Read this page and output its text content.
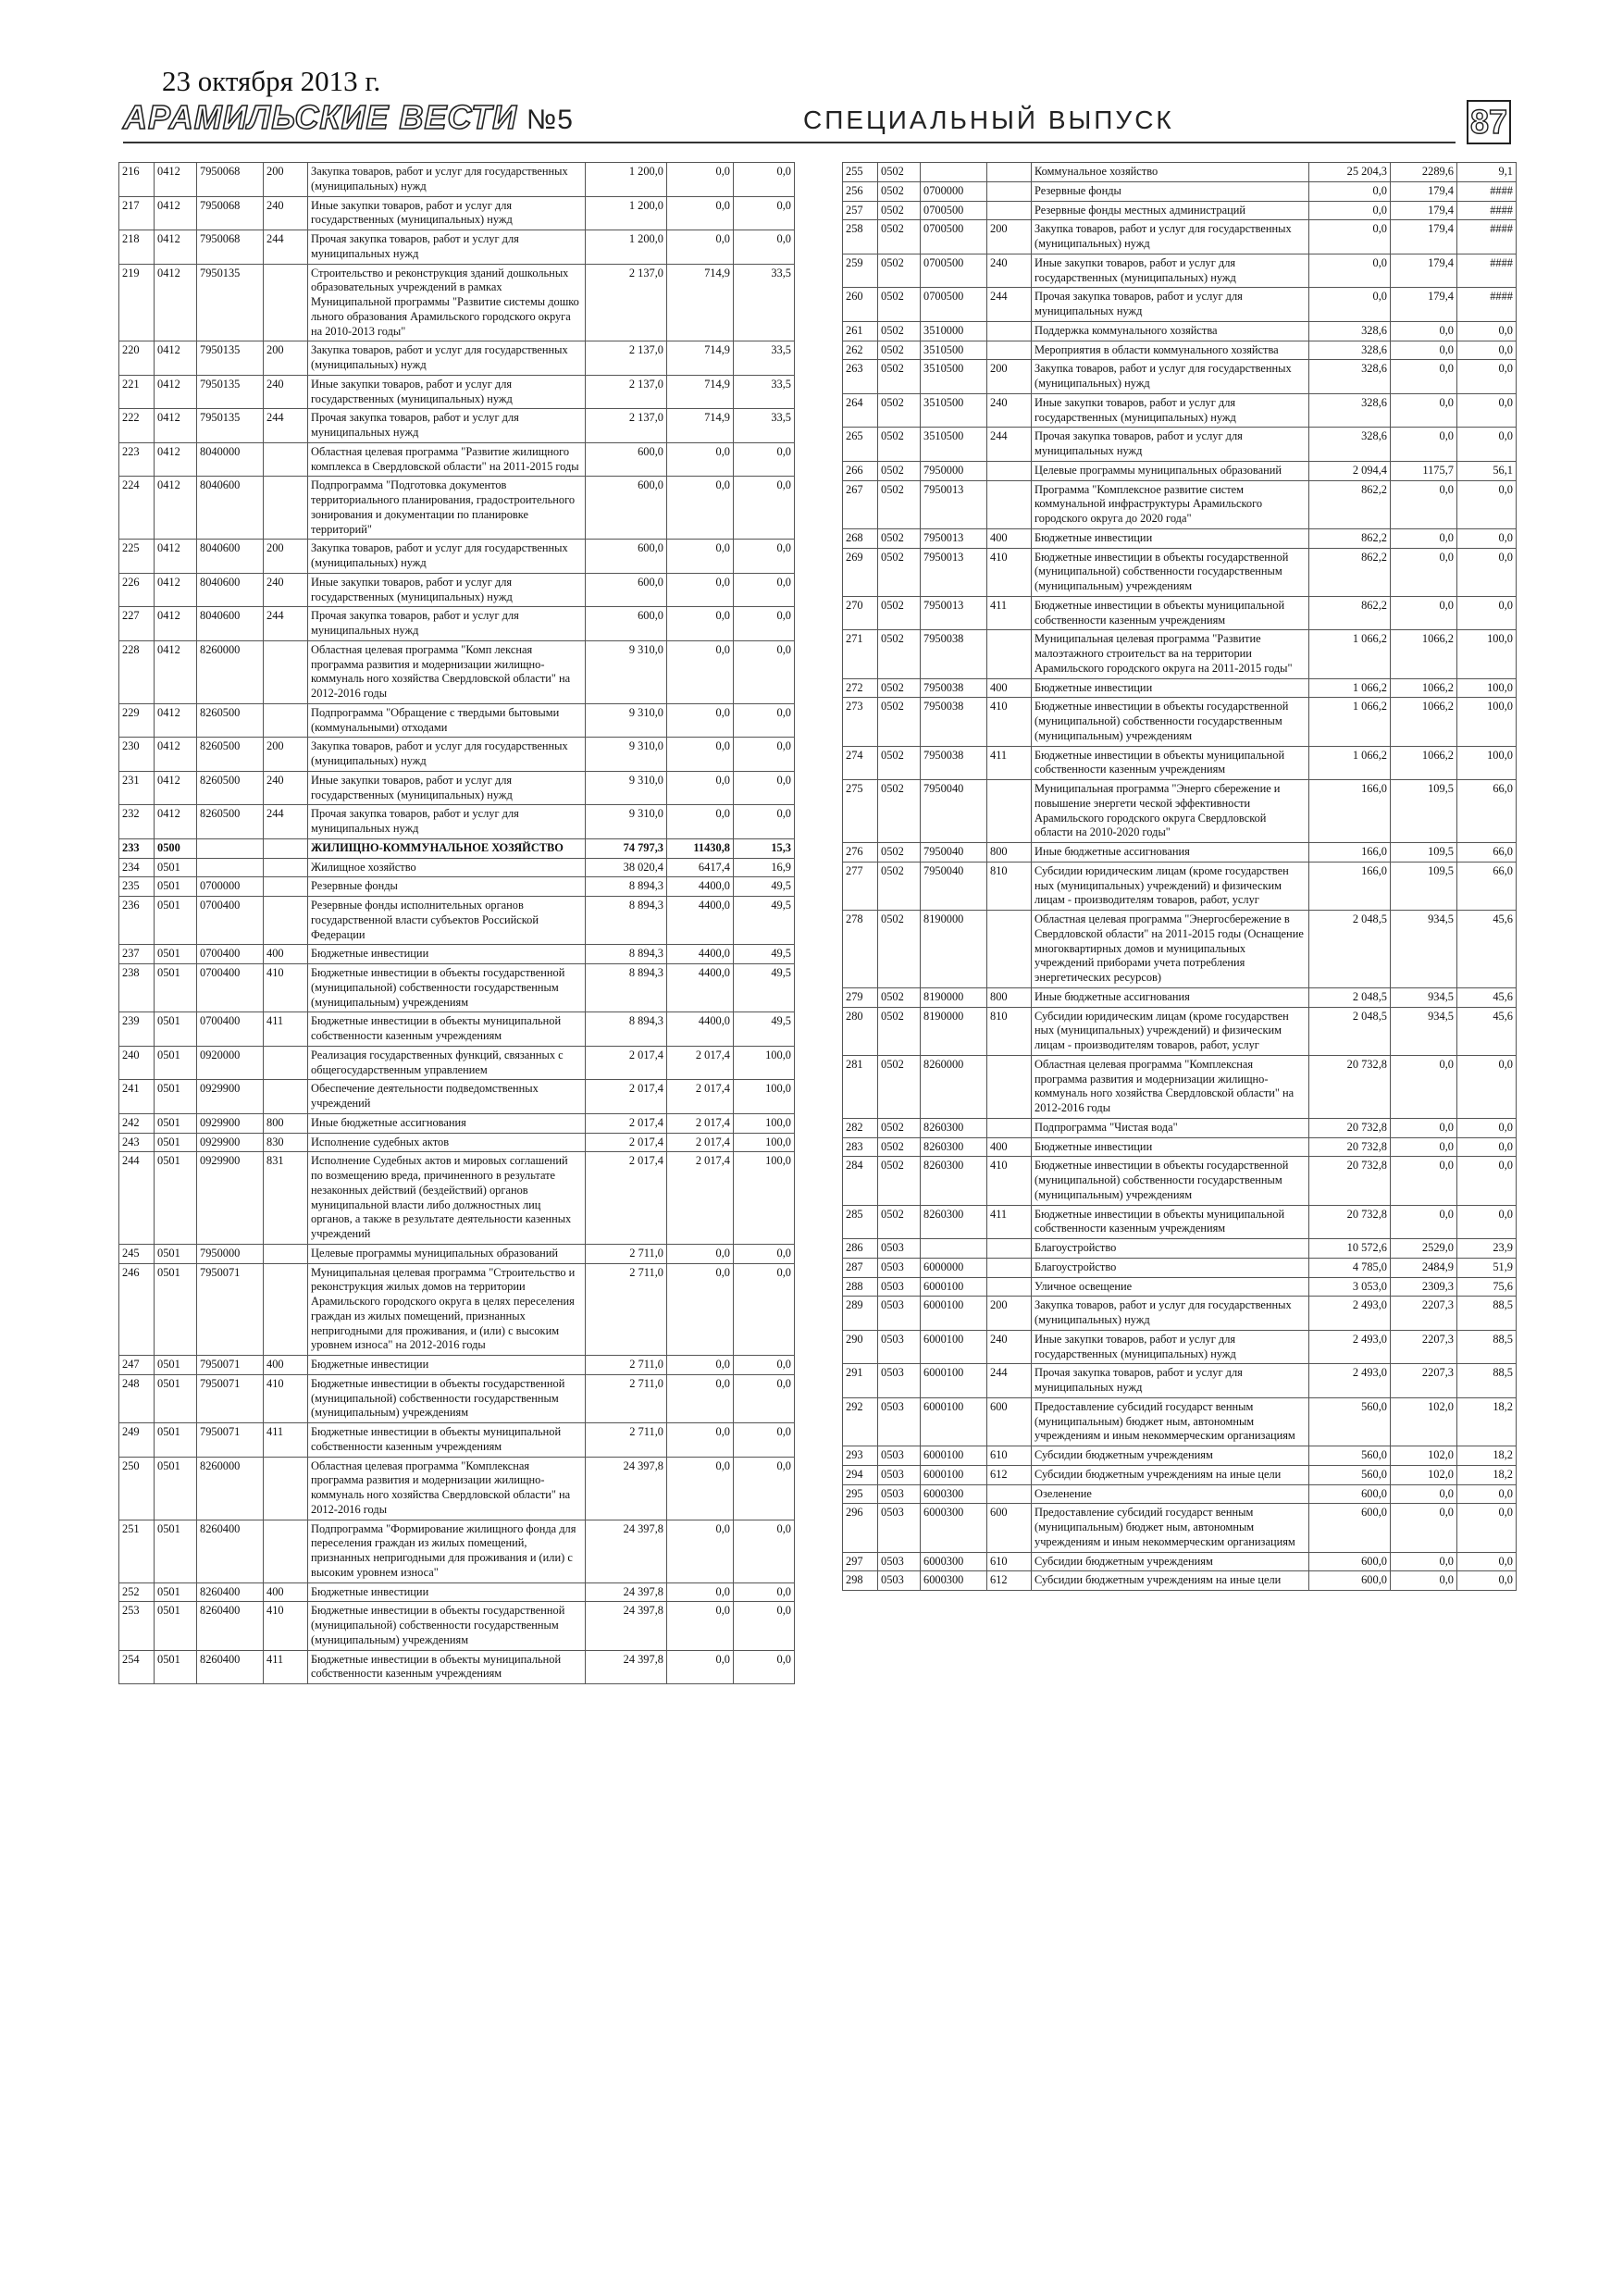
23 октября 2013 г.
АРАМИЛЬСКИЕ ВЕСТИ №5	СПЕЦИАЛЬНЫЙ ВЫПУСК	87
216	0412	7950068	200	Закупка товаров, работ и услуг для государственных (муниципальных) нужд	1 200,0	0,0	0,0
217	0412	7950068	240	Иные закупки товаров, работ и услуг для государственных (муниципальных) нужд	1 200,0	0,0	0,0
218	0412	7950068	244	Прочая закупка товаров, работ и услуг для муниципальных нужд	1 200,0	0,0	0,0
219	0412	7950135		Строительство и реконструкция зданий дошкольных образовательных учреждений в рамках Муниципальной программы "Развитие системы дошко льного образования Арамильского городского округа на 2010-2013 годы"	2 137,0	714,9	33,5
220	0412	7950135	200	Закупка товаров, работ и услуг для государственных (муниципальных) нужд	2 137,0	714,9	33,5
221	0412	7950135	240	Иные закупки товаров, работ и услуг для государственных (муниципальных) нужд	2 137,0	714,9	33,5
222	0412	7950135	244	Прочая закупка товаров, работ и услуг для муниципальных нужд	2 137,0	714,9	33,5
223	0412	8040000		Областная целевая программа "Развитие жилищного комплекса в Свердловской области" на 2011-2015 годы	600,0	0,0	0,0
224	0412	8040600		Подпрограмма "Подготовка документов территориального планирования, градостроительного зонирования и документации по планировке территорий"	600,0	0,0	0,0
225	0412	8040600	200	Закупка товаров, работ и услуг для государственных (муниципальных) нужд	600,0	0,0	0,0
226	0412	8040600	240	Иные закупки товаров, работ и услуг для государственных (муниципальных) нужд	600,0	0,0	0,0
227	0412	8040600	244	Прочая закупка товаров, работ и услуг для муниципальных нужд	600,0	0,0	0,0
228	0412	8260000		Областная целевая программа "Комп лексная программа развития и модернизации жилищно-коммуналь ного хозяйства Свердловской области" на 2012-2016 годы	9 310,0	0,0	0,0
229	0412	8260500		Подпрограмма "Обращение с твердыми бытовыми (коммунальными) отходами	9 310,0	0,0	0,0
230	0412	8260500	200	Закупка товаров, работ и услуг для государственных (муниципальных) нужд	9 310,0	0,0	0,0
231	0412	8260500	240	Иные закупки товаров, работ и услуг для государственных (муниципальных) нужд	9 310,0	0,0	0,0
232	0412	8260500	244	Прочая закупка товаров, работ и услуг для муниципальных нужд	9 310,0	0,0	0,0
233	0500			ЖИЛИЩНО-КОММУНАЛЬНОЕ ХОЗЯЙСТВО	74 797,3	11430,8	15,3
234	0501			Жилищное хозяйство	38 020,4	6417,4	16,9
235	0501	0700000		Резервные фонды	8 894,3	4400,0	49,5
236	0501	0700400		Резервные фонды исполнительных органов государственной власти субъектов Российской Федерации	8 894,3	4400,0	49,5
237	0501	0700400	400	Бюджетные инвестиции	8 894,3	4400,0	49,5
238	0501	0700400	410	Бюджетные инвестиции в объекты государственной (муниципальной) собственности государственным (муниципальным) учреждениям	8 894,3	4400,0	49,5
239	0501	0700400	411	Бюджетные инвестиции в объекты муниципальной собственности казенным учреждениям	8 894,3	4400,0	49,5
240	0501	0920000		Реализация государственных функций, связанных с общегосударственным управлением	2 017,4	2 017,4	100,0
241	0501	0929900		Обеспечение деятельности подведомственных учреждений	2 017,4	2 017,4	100,0
242	0501	0929900	800	Иные бюджетные ассигнования	2 017,4	2 017,4	100,0
243	0501	0929900	830	Исполнение судебных актов	2 017,4	2 017,4	100,0
244	0501	0929900	831	Исполнение Судебных актов и мировых соглашений по возмещению вреда, причиненного в результате незаконных действий (бездействий) органов муниципальной власти либо должностных лиц органов, а также в результате деятельности казенных учреждений	2 017,4	2 017,4	100,0
245	0501	7950000		Целевые программы муниципальных образований	2 711,0	0,0	0,0
246	0501	7950071		Муниципальная целевая программа "Строительство и реконструкция жилых домов на территории Арамильского городского округа в целях переселения граждан из жилых помещений, признанных непригодными для проживания, и (или) с высоким уровнем износа" на 2012-2016 годы	2 711,0	0,0	0,0
247	0501	7950071	400	Бюджетные инвестиции	2 711,0	0,0	0,0
248	0501	7950071	410	Бюджетные инвестиции в объекты государственной (муниципальной) собственности государственным (муниципальным) учреждениям	2 711,0	0,0	0,0
249	0501	7950071	411	Бюджетные инвестиции в объекты муниципальной собственности казенным учреждениям	2 711,0	0,0	0,0
250	0501	8260000		Областная целевая программа "Комплексная программа развития и модернизации жилищно-коммуналь ного хозяйства Свердловской области" на 2012-2016 годы	24 397,8	0,0	0,0
251	0501	8260400		Подпрограмма "Формирование жилищного фонда для переселения граждан из жилых помещений, признанных непригодными для проживания и (или) с высоким уровнем износа"	24 397,8	0,0	0,0
252	0501	8260400	400	Бюджетные инвестиции	24 397,8	0,0	0,0
253	0501	8260400	410	Бюджетные инвестиции в объекты государственной (муниципальной) собственности государственным (муниципальным) учреждениям	24 397,8	0,0	0,0
254	0501	8260400	411	Бюджетные инвестиции в объекты муниципальной собственности казенным учреждениям	24 397,8	0,0	0,0
255	0502			Коммунальное хозяйство	25 204,3	2289,6	9,1
256	0502	0700000		Резервные фонды	0,0	179,4	####
257	0502	0700500		Резервные фонды местных администраций	0,0	179,4	####
258	0502	0700500	200	Закупка товаров, работ и услуг для государственных (муниципальных) нужд	0,0	179,4	####
259	0502	0700500	240	Иные закупки товаров, работ и услуг для государственных (муниципальных) нужд	0,0	179,4	####
260	0502	0700500	244	Прочая закупка товаров, работ и услуг для муниципальных нужд	0,0	179,4	####
261	0502	3510000		Поддержка коммунального хозяйства	328,6	0,0	0,0
262	0502	3510500		Мероприятия в области коммунального хозяйства	328,6	0,0	0,0
263	0502	3510500	200	Закупка товаров, работ и услуг для государственных (муниципальных) нужд	328,6	0,0	0,0
264	0502	3510500	240	Иные закупки товаров, работ и услуг для государственных (муниципальных) нужд	328,6	0,0	0,0
265	0502	3510500	244	Прочая закупка товаров, работ и услуг для муниципальных нужд	328,6	0,0	0,0
266	0502	7950000		Целевые программы муниципальных образований	2 094,4	1175,7	56,1
267	0502	7950013		Программа "Комплексное развитие систем коммунальной инфраструктуры Арамильского городского округа до 2020 года"	862,2	0,0	0,0
268	0502	7950013	400	Бюджетные инвестиции	862,2	0,0	0,0
269	0502	7950013	410	Бюджетные инвестиции в объекты государственной (муниципальной) собственности государственным (муниципальным) учреждениям	862,2	0,0	0,0
270	0502	7950013	411	Бюджетные инвестиции в объекты муниципальной собственности казенным учреждениям	862,2	0,0	0,0
271	0502	7950038		Муниципальная целевая программа "Развитие малоэтажного строительст ва на территории Арамильского городского округа на 2011-2015 годы"	1 066,2	1066,2	100,0
272	0502	7950038	400	Бюджетные инвестиции	1 066,2	1066,2	100,0
273	0502	7950038	410	Бюджетные инвестиции в объекты государственной (муниципальной) собственности государственным (муниципальным) учреждениям	1 066,2	1066,2	100,0
274	0502	7950038	411	Бюджетные инвестиции в объекты муниципальной собственности казенным учреждениям	1 066,2	1066,2	100,0
275	0502	7950040		Муниципальная программа "Энерго сбережение и повышение энергети ческой эффективности Арамильского городского округа Свердловской области на 2010-2020 годы"	166,0	109,5	66,0
276	0502	7950040	800	Иные бюджетные ассигнования	166,0	109,5	66,0
277	0502	7950040	810	Субсидии юридическим лицам (кроме государствен ных (муниципальных) учреждений) и физическим лицам - производителям товаров, работ, услуг	166,0	109,5	66,0
278	0502	8190000		Областная целевая программа "Энергосбережение в Свердловской области" на 2011-2015 годы (Оснащение многоквартирных домов и муниципальных учреждений приборами учета потребления энергетических ресурсов)	2 048,5	934,5	45,6
279	0502	8190000	800	Иные бюджетные ассигнования	2 048,5	934,5	45,6
280	0502	8190000	810	Субсидии юридическим лицам (кроме государствен ных (муниципальных) учреждений) и физическим лицам - производителям товаров, работ, услуг	2 048,5	934,5	45,6
281	0502	8260000		Областная целевая программа "Комплексная программа развития и модернизации жилищно-коммуналь ного хозяйства Свердловской области" на 2012-2016 годы	20 732,8	0,0	0,0
282	0502	8260300		Подпрограмма "Чистая вода"	20 732,8	0,0	0,0
283	0502	8260300	400	Бюджетные инвестиции	20 732,8	0,0	0,0
284	0502	8260300	410	Бюджетные инвестиции в объекты государственной (муниципальной) собственности государственным (муниципальным) учреждениям	20 732,8	0,0	0,0
285	0502	8260300	411	Бюджетные инвестиции в объекты муниципальной собственности казенным учреждениям	20 732,8	0,0	0,0
286	0503			Благоустройство	10 572,6	2529,0	23,9
287	0503	6000000		Благоустройство	4 785,0	2484,9	51,9
288	0503	6000100		Уличное освещение	3 053,0	2309,3	75,6
289	0503	6000100	200	Закупка товаров, работ и услуг для государственных (муниципальных) нужд	2 493,0	2207,3	88,5
290	0503	6000100	240	Иные закупки товаров, работ и услуг для государственных (муниципальных) нужд	2 493,0	2207,3	88,5
291	0503	6000100	244	Прочая закупка товаров, работ и услуг для муниципальных нужд	2 493,0	2207,3	88,5
292	0503	6000100	600	Предоставление субсидий государст венным (муниципальным) бюджет ным, автономным учреждениям и иным некоммерческим организациям	560,0	102,0	18,2
293	0503	6000100	610	Субсидии бюджетным учреждениям	560,0	102,0	18,2
294	0503	6000100	612	Субсидии бюджетным учреждениям на иные цели	560,0	102,0	18,2
295	0503	6000300		Озеленение	600,0	0,0	0,0
296	0503	6000300	600	Предоставление субсидий государст венным (муниципальным) бюджет ным, автономным учреждениям и иным некоммерческим организациям	600,0	0,0	0,0
297	0503	6000300	610	Субсидии бюджетным учреждениям	600,0	0,0	0,0
298	0503	6000300	612	Субсидии бюджетным учреждениям на иные цели	600,0	0,0	0,0
